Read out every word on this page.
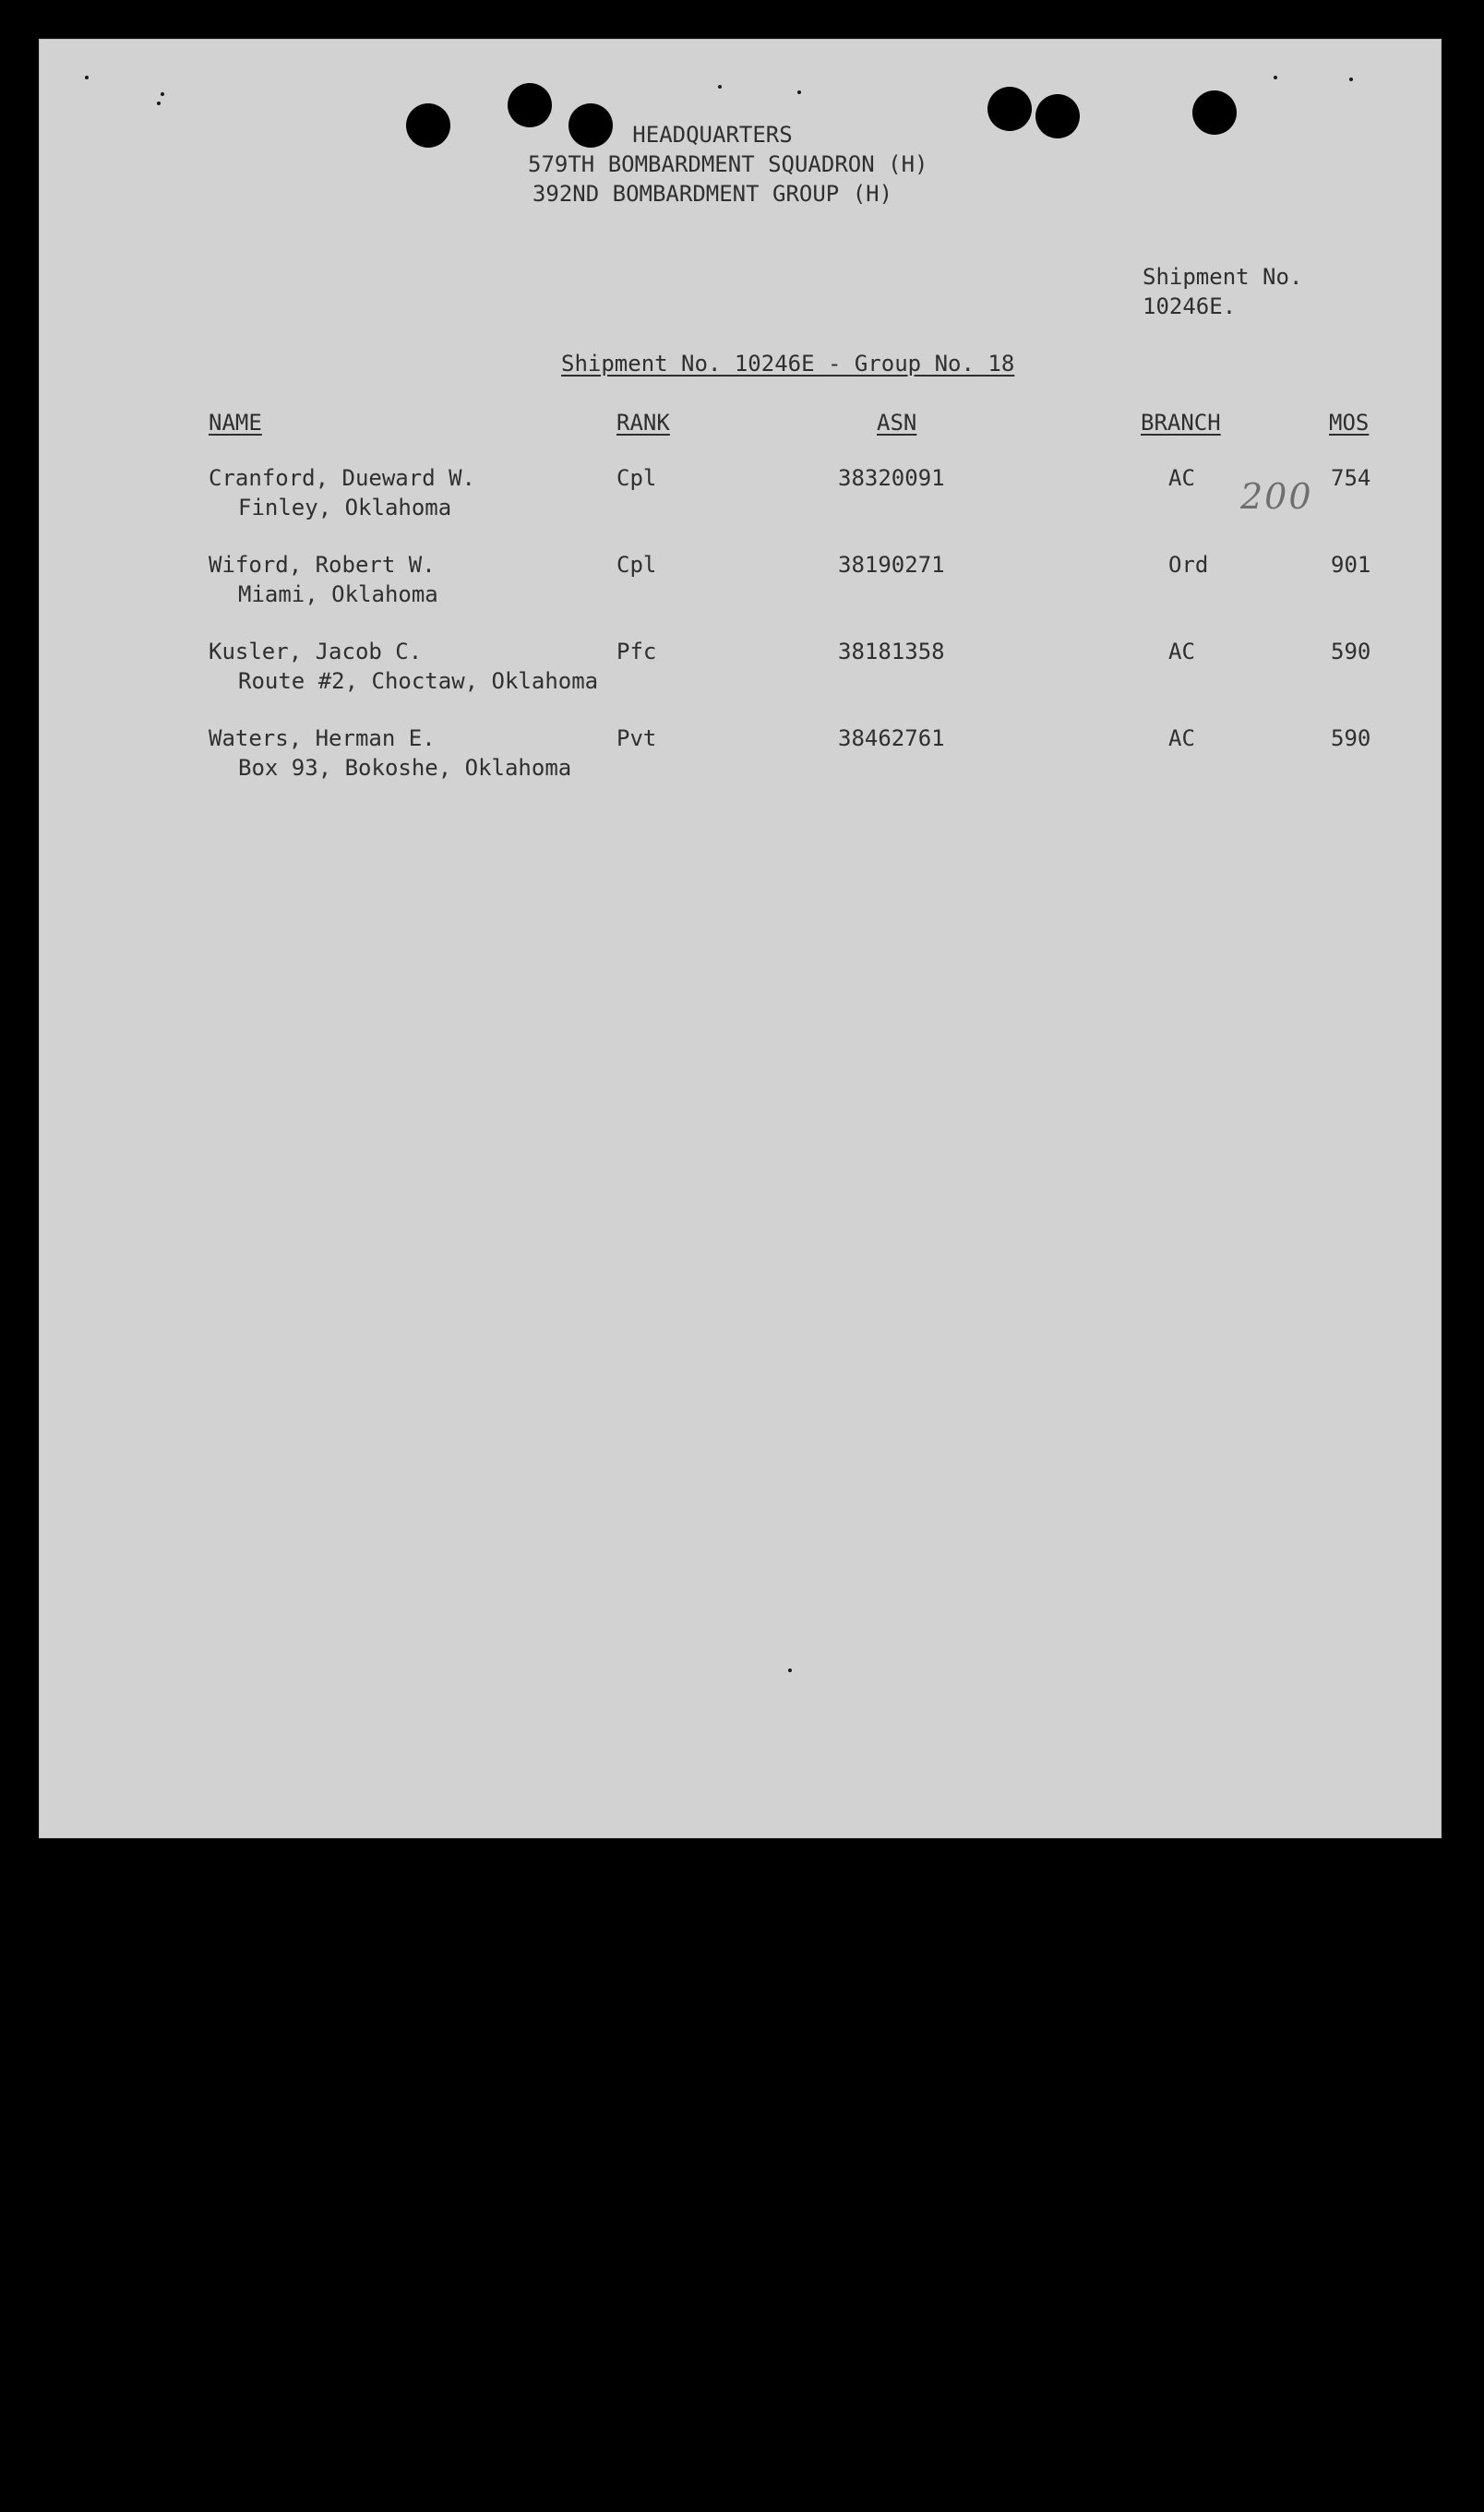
HEADQUARTERS
579TH BOMBARDMENT SQUADRON (H)
392ND BOMBARDMENT GROUP (H)
Shipment No.
10246E.
Shipment No. 10246E - Group No. 18
NAME	RANK	ASN	BRANCH	MOS
Cranford, Dueward W.
Finley, Oklahoma
Cpl	38320091	AC	754
200
Wiford, Robert W.
Miami, Oklahoma
Cpl	38190271	Ord	901
Kusler, Jacob C.
Route #2, Choctaw, Oklahoma
Pfc	38181358	AC	590
Waters, Herman E.
Box 93, Bokoshe, Oklahoma
Pvt	38462761	AC	590
